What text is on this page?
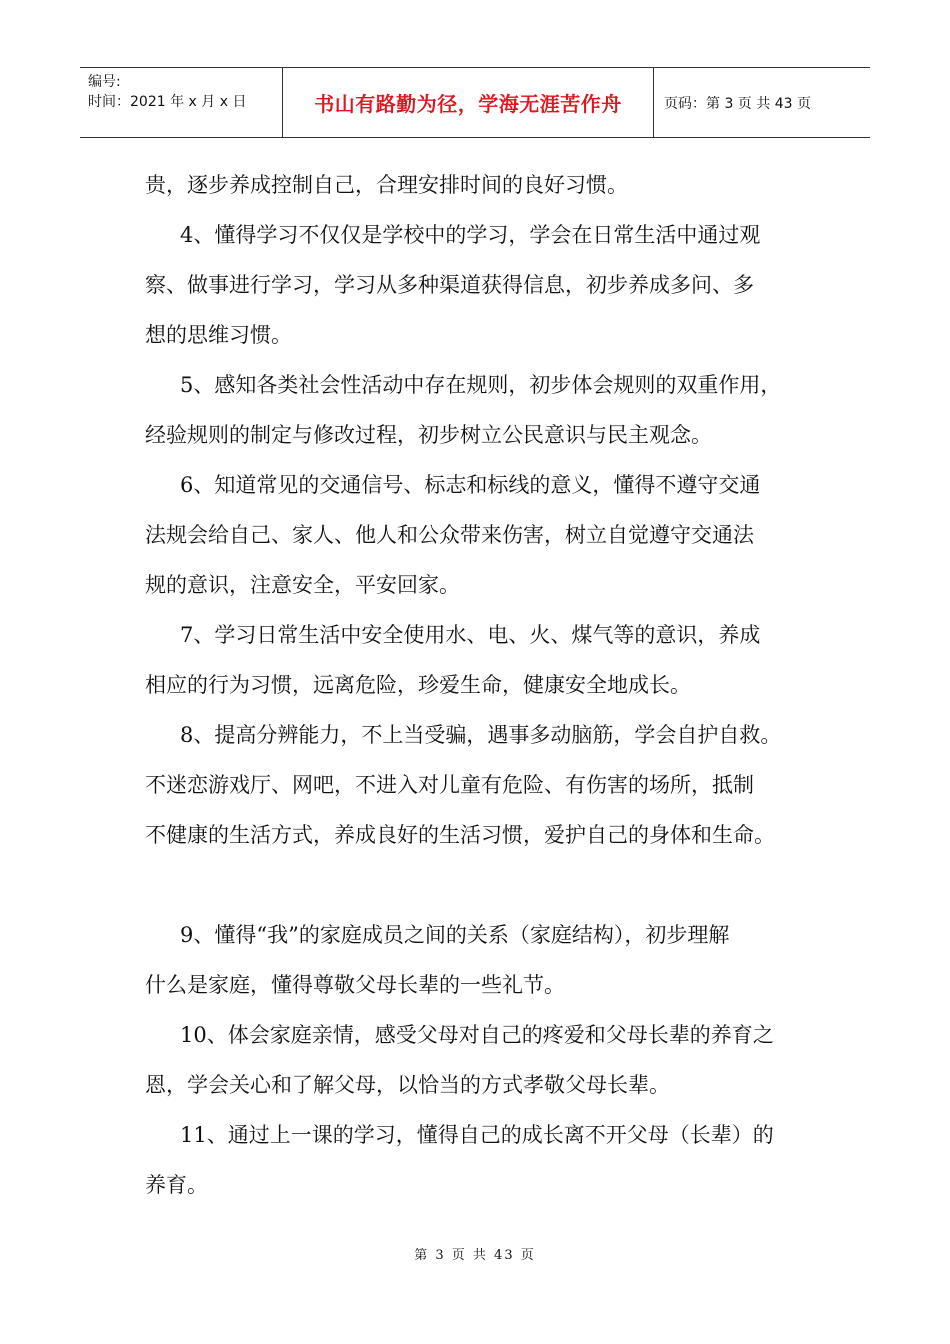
编号:
时间：2021 年 x 月 x 日	书山有路勤为径，学海无涯苦作舟	页码：第 3 页 共 43 页
贵，逐步养成控制自己，合理安排时间的良好习惯。
4、懂得学习不仅仅是学校中的学习，学会在日常生活中通过观
察、做事进行学习，学习从多种渠道获得信息，初步养成多问、多
想的思维习惯。
5、感知各类社会性活动中存在规则，初步体会规则的双重作用，
经验规则的制定与修改过程，初步树立公民意识与民主观念。
6、知道常见的交通信号、标志和标线的意义，懂得不遵守交通
法规会给自己、家人、他人和公众带来伤害，树立自觉遵守交通法
规的意识，注意安全，平安回家。
7、学习日常生活中安全使用水、电、火、煤气等的意识，养成
相应的行为习惯，远离危险，珍爱生命，健康安全地成长。
8、提高分辨能力，不上当受骗，遇事多动脑筋，学会自护自救。
不迷恋游戏厅、网吧，不进入对儿童有危险、有伤害的场所，抵制
不健康的生活方式，养成良好的生活习惯，爱护自己的身体和生命。
9、懂得“我”的家庭成员之间的关系（家庭结构），初步理解
什么是家庭，懂得尊敬父母长辈的一些礼节。
10、体会家庭亲情，感受父母对自己的疼爱和父母长辈的养育之
恩，学会关心和了解父母，以恰当的方式孝敬父母长辈。
11、通过上一课的学习，懂得自己的成长离不开父母（长辈）的
养育。
第 3 页 共 43 页
